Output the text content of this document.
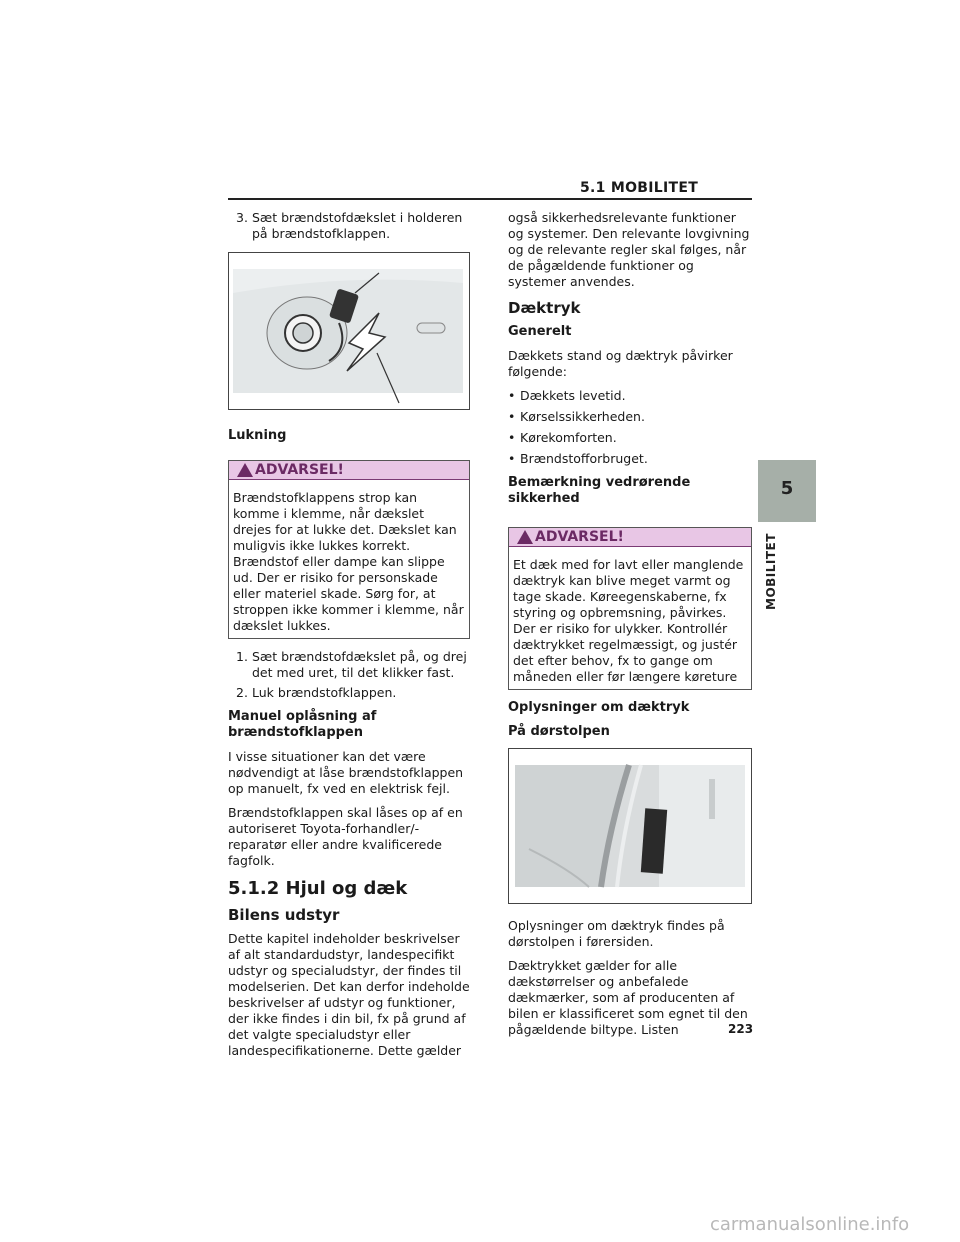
5.1 MOBILITET
5
MOBILITET
3. Sæt brændstofdækslet i holderen på brændstofklappen.
Lukning
ADVARSEL!
Brændstofklappens strop kan komme i klemme, når dækslet drejes for at lukke det. Dækslet kan muligvis ikke lukkes korrekt. Brændstof eller dampe kan slippe ud. Der er risiko for personskade eller materiel skade. Sørg for, at stroppen ikke kommer i klemme, når dækslet lukkes.
1. Sæt brændstofdækslet på, og drej det med uret, til det klikker fast.
2. Luk brændstofklappen.
Manuel oplåsning af brændstofklappen

I visse situationer kan det være nødvendigt at låse brændstofklappen op manuelt, fx ved en elektrisk fejl.

Brændstofklappen skal låses op af en autoriseret Toyota-forhandler/-reparatør eller andre kvalificerede fagfolk.

5.1.2 Hjul og dæk
Bilens udstyr

Dette kapitel indeholder beskrivelser af alt standardudstyr, landespecifikt udstyr og specialudstyr, der findes til modelserien. Det kan derfor indeholde beskrivelser af udstyr og funktioner, der ikke findes i din bil, fx på grund af det valgte specialudstyr eller landespecifikationerne. Dette gælder

også sikkerhedsrelevante funktioner og systemer. Den relevante lovgivning og de relevante regler skal følges, når de pågældende funktioner og systemer anvendes.

Dæktryk
Generelt

Dækkets stand og dæktryk påvirker følgende:

• Dækkets levetid.
• Kørselssikkerheden.
• Kørekomforten.
• Brændstofforbruget.
Bemærkning vedrørende sikkerhed
ADVARSEL!
Et dæk med for lavt eller manglende dæktryk kan blive meget varmt og tage skade. Køreegenskaberne, fx styring og opbremsning, påvirkes. Der er risiko for ulykker. Kontrollér dæktrykket regelmæssigt, og justér det efter behov, fx to gange om måneden eller før længere køreture
Oplysninger om dæktryk
På dørstolpen

Oplysninger om dæktryk findes på dørstolpen i førersiden.

Dæktrykket gælder for alle dækstørrelser og anbefalede dækmærker, som af producenten af bilen er klassificeret som egnet til den pågældende biltype. Listen	223
carmanualsonline.info
